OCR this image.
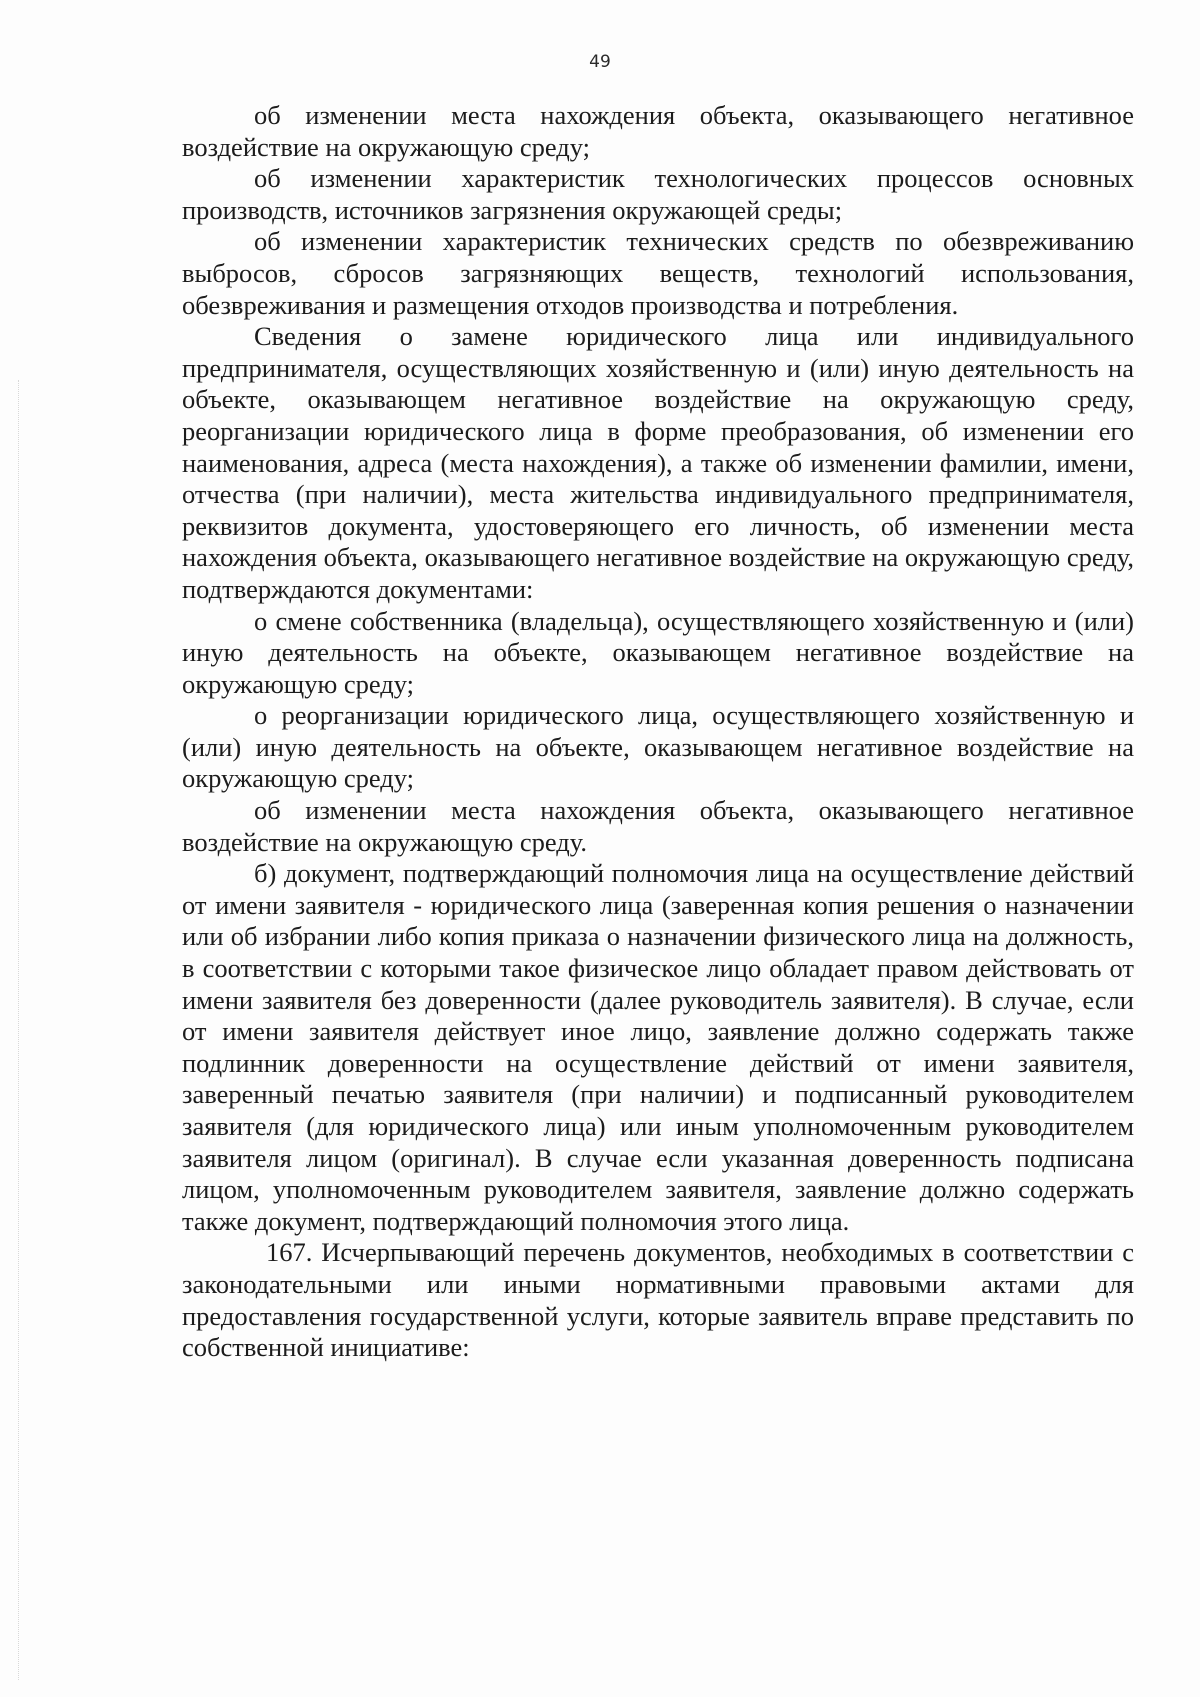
49

об изменении места нахождения объекта, оказывающего негативное воздействие на окружающую среду;

об изменении характеристик технологических процессов основных производств, источников загрязнения окружающей среды;

об изменении характеристик технических средств по обезвреживанию выбросов, сбросов загрязняющих веществ, технологий использования, обезвреживания и размещения отходов производства и потребления.

Сведения о замене юридического лица или индивидуального предпринимателя, осуществляющих хозяйственную и (или) иную деятельность на объекте, оказывающем негативное воздействие на окружающую среду, реорганизации юридического лица в форме преобразования, об изменении его наименования, адреса (места нахождения), а также об изменении фамилии, имени, отчества (при наличии), места жительства индивидуального предпринимателя, реквизитов документа, удостоверяющего его личность, об изменении места нахождения объекта, оказывающего негативное воздействие на окружающую среду, подтверждаются документами:

о смене собственника (владельца), осуществляющего хозяйственную и (или) иную деятельность на объекте, оказывающем негативное воздействие на окружающую среду;

о реорганизации юридического лица, осуществляющего хозяйственную и (или) иную деятельность на объекте, оказывающем негативное воздействие на окружающую среду;

об изменении места нахождения объекта, оказывающего негативное воздействие на окружающую среду.

б) документ, подтверждающий полномочия лица на осуществление действий от имени заявителя - юридического лица (заверенная копия решения о назначении или об избрании либо копия приказа о назначении физического лица на должность, в соответствии с которыми такое физическое лицо обладает правом действовать от имени заявителя без доверенности (далее руководитель заявителя). В случае, если от имени заявителя действует иное лицо, заявление должно содержать также подлинник доверенности на осуществление действий от имени заявителя, заверенный печатью заявителя (при наличии) и подписанный руководителем заявителя (для юридического лица) или иным уполномоченным руководителем заявителя лицом (оригинал). В случае если указанная доверенность подписана лицом, уполномоченным руководителем заявителя, заявление должно содержать также документ, подтверждающий полномочия этого лица.

167. Исчерпывающий перечень документов, необходимых в соответствии с законодательными или иными нормативными правовыми актами для предоставления государственной услуги, которые заявитель вправе представить по собственной инициативе:
